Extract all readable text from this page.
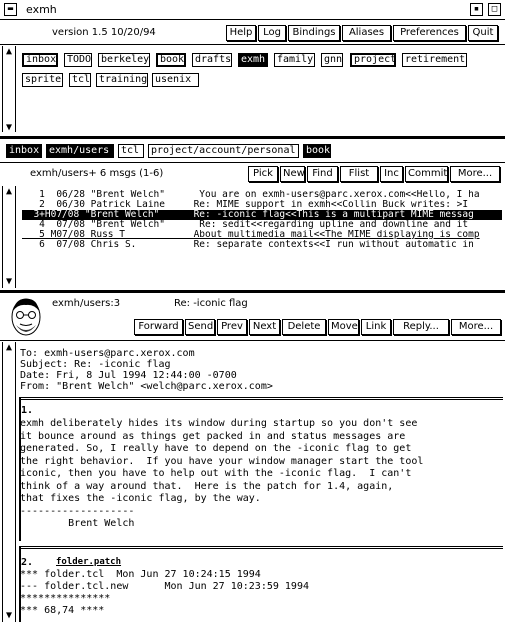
▬	exmh	▪	□
version 1.5 10/20/94	Help	Log	Bindings	Aliases	Preferences	Quit
▲
▼
inbox	TODO berkeley	book	drafts exmh	family	gnn	project retirement
sprite	tcl training usenix
inbox exmh/users	tcl	project/account/personal	book
exmh/users+ 6 msgs (1-6)	Pick	New Find	Flist	Inc Commit	More...
▲
▼
1  06/28 "Brent Welch"      You are on exmh-users@parc.xerox.com<<Hello, I ha
2  06/30 Patrick Laine     Re: MIME support in exmh<<Collin Buck writes: >I
3+H07/08 "Brent Welch"      Re: -iconic flag<<This is a multipart MIME messag
4  07/08 "Brent Welch"      Re: sedit<<regarding upline and downline and it
5 M07/08 Russ T            About multimedia mail<<The MIME displaying is comp
6  07/08 Chris S.          Re: separate contexts<<I run without automatic in
exmh/users:3	Re: -iconic flag
Forward Send Prev Next	Delete	Move Link	Reply...	More...
▲
▼
To: exmh-users@parc.xerox.com
Subject: Re: -iconic flag
Date: Fri, 8 Jul 1994 12:44:00 -0700
From: "Brent Welch" <welch@parc.xerox.com>
1.
exmh deliberately hides its window during startup so you don't see
it bounce around as things get packed in and status messages are
generated. So, I really have to depend on the -iconic flag to get
the right behavior.  If you have your window manager start the tool
iconic, then you have to help out with the -iconic flag.  I can't
think of a way around that.  Here is the patch for 1.4, again,
that fixes the -iconic flag, by the way.
-------------------
Brent Welch
2.	folder.patch
*** folder.tcl  Mon Jun 27 10:24:15 1994
--- folder.tcl.new      Mon Jun 27 10:23:59 1994
***************
*** 68,74 ****
